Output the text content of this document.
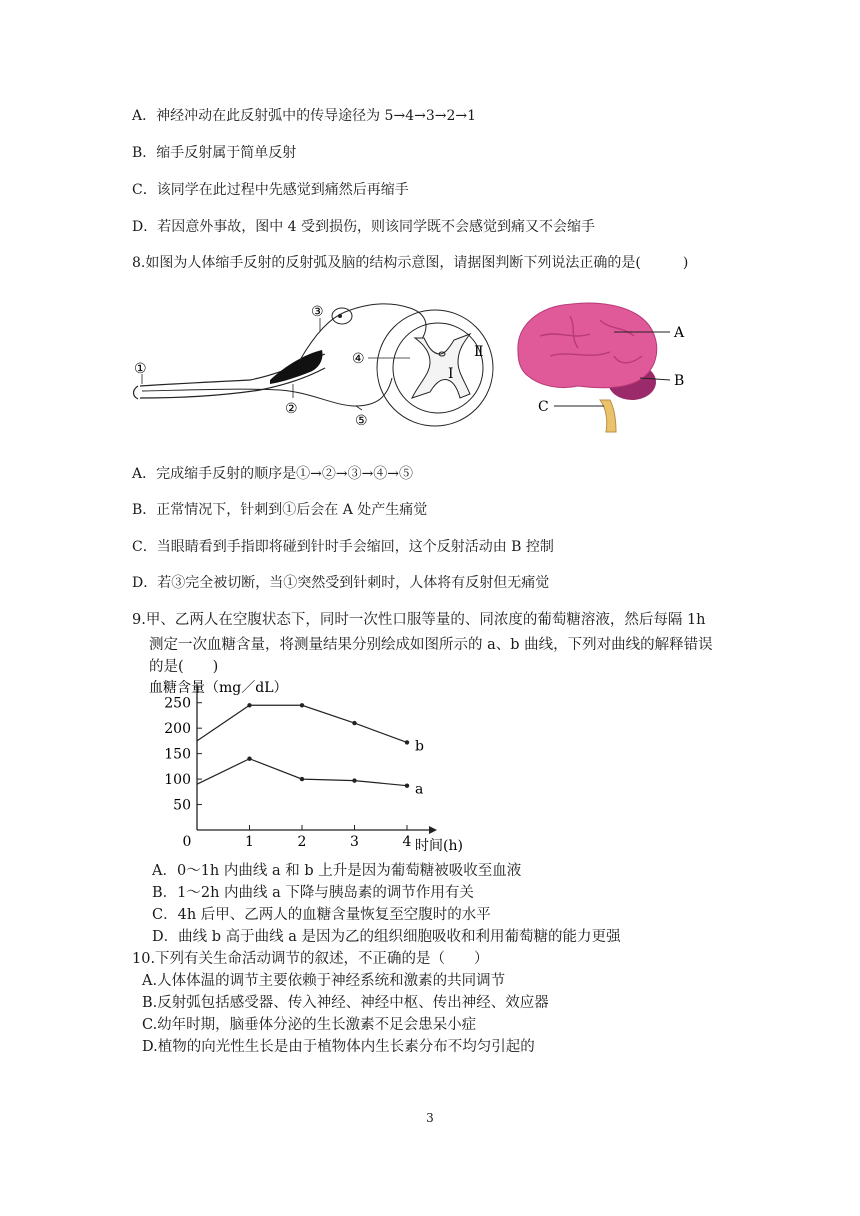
A．神经冲动在此反射弧中的传导途径为 5→4→3→2→1
B．缩手反射属于简单反射
C．该同学在此过程中先感觉到痛然后再缩手
D．若因意外事故，图中 4 受到损伤，则该同学既不会感觉到痛又不会缩手
8.如图为人体缩手反射的反射弧及脑的结构示意图，请据图判断下列说法正确的是(　　　)
①
②
③
④
⑤
Ⅰ
Ⅱ
A
B
C
A．完成缩手反射的顺序是①→②→③→④→⑤
B．正常情况下，针刺到①后会在 A 处产生痛觉
C．当眼睛看到手指即将碰到针时手会缩回，这个反射活动由 B 控制
D．若③完全被切断，当①突然受到针刺时，人体将有反射但无痛觉
9.甲、乙两人在空腹状态下，同时一次性口服等量的、同浓度的葡萄糖溶液，然后每隔 1h
测定一次血糖含量，将测量结果分别绘成如图所示的 a、b 曲线，下列对曲线的解释错误
的是(　　)
血糖含量（mg／dL）
50
100
150
200
250
0	1	2	3	4
b
a
时间(h)
A．0～1h 内曲线 a 和 b 上升是因为葡萄糖被吸收至血液
B．1～2h 内曲线 a 下降与胰岛素的调节作用有关
C．4h 后甲、乙两人的血糖含量恢复至空腹时的水平
D．曲线 b 高于曲线 a 是因为乙的组织细胞吸收和利用葡萄糖的能力更强
10.下列有关生命活动调节的叙述，不正确的是（　　）
A.人体体温的调节主要依赖于神经系统和激素的共同调节
B.反射弧包括感受器、传入神经、神经中枢、传出神经、效应器
C.幼年时期，脑垂体分泌的生长激素不足会患呆小症
D.植物的向光性生长是由于植物体内生长素分布不均匀引起的
3
